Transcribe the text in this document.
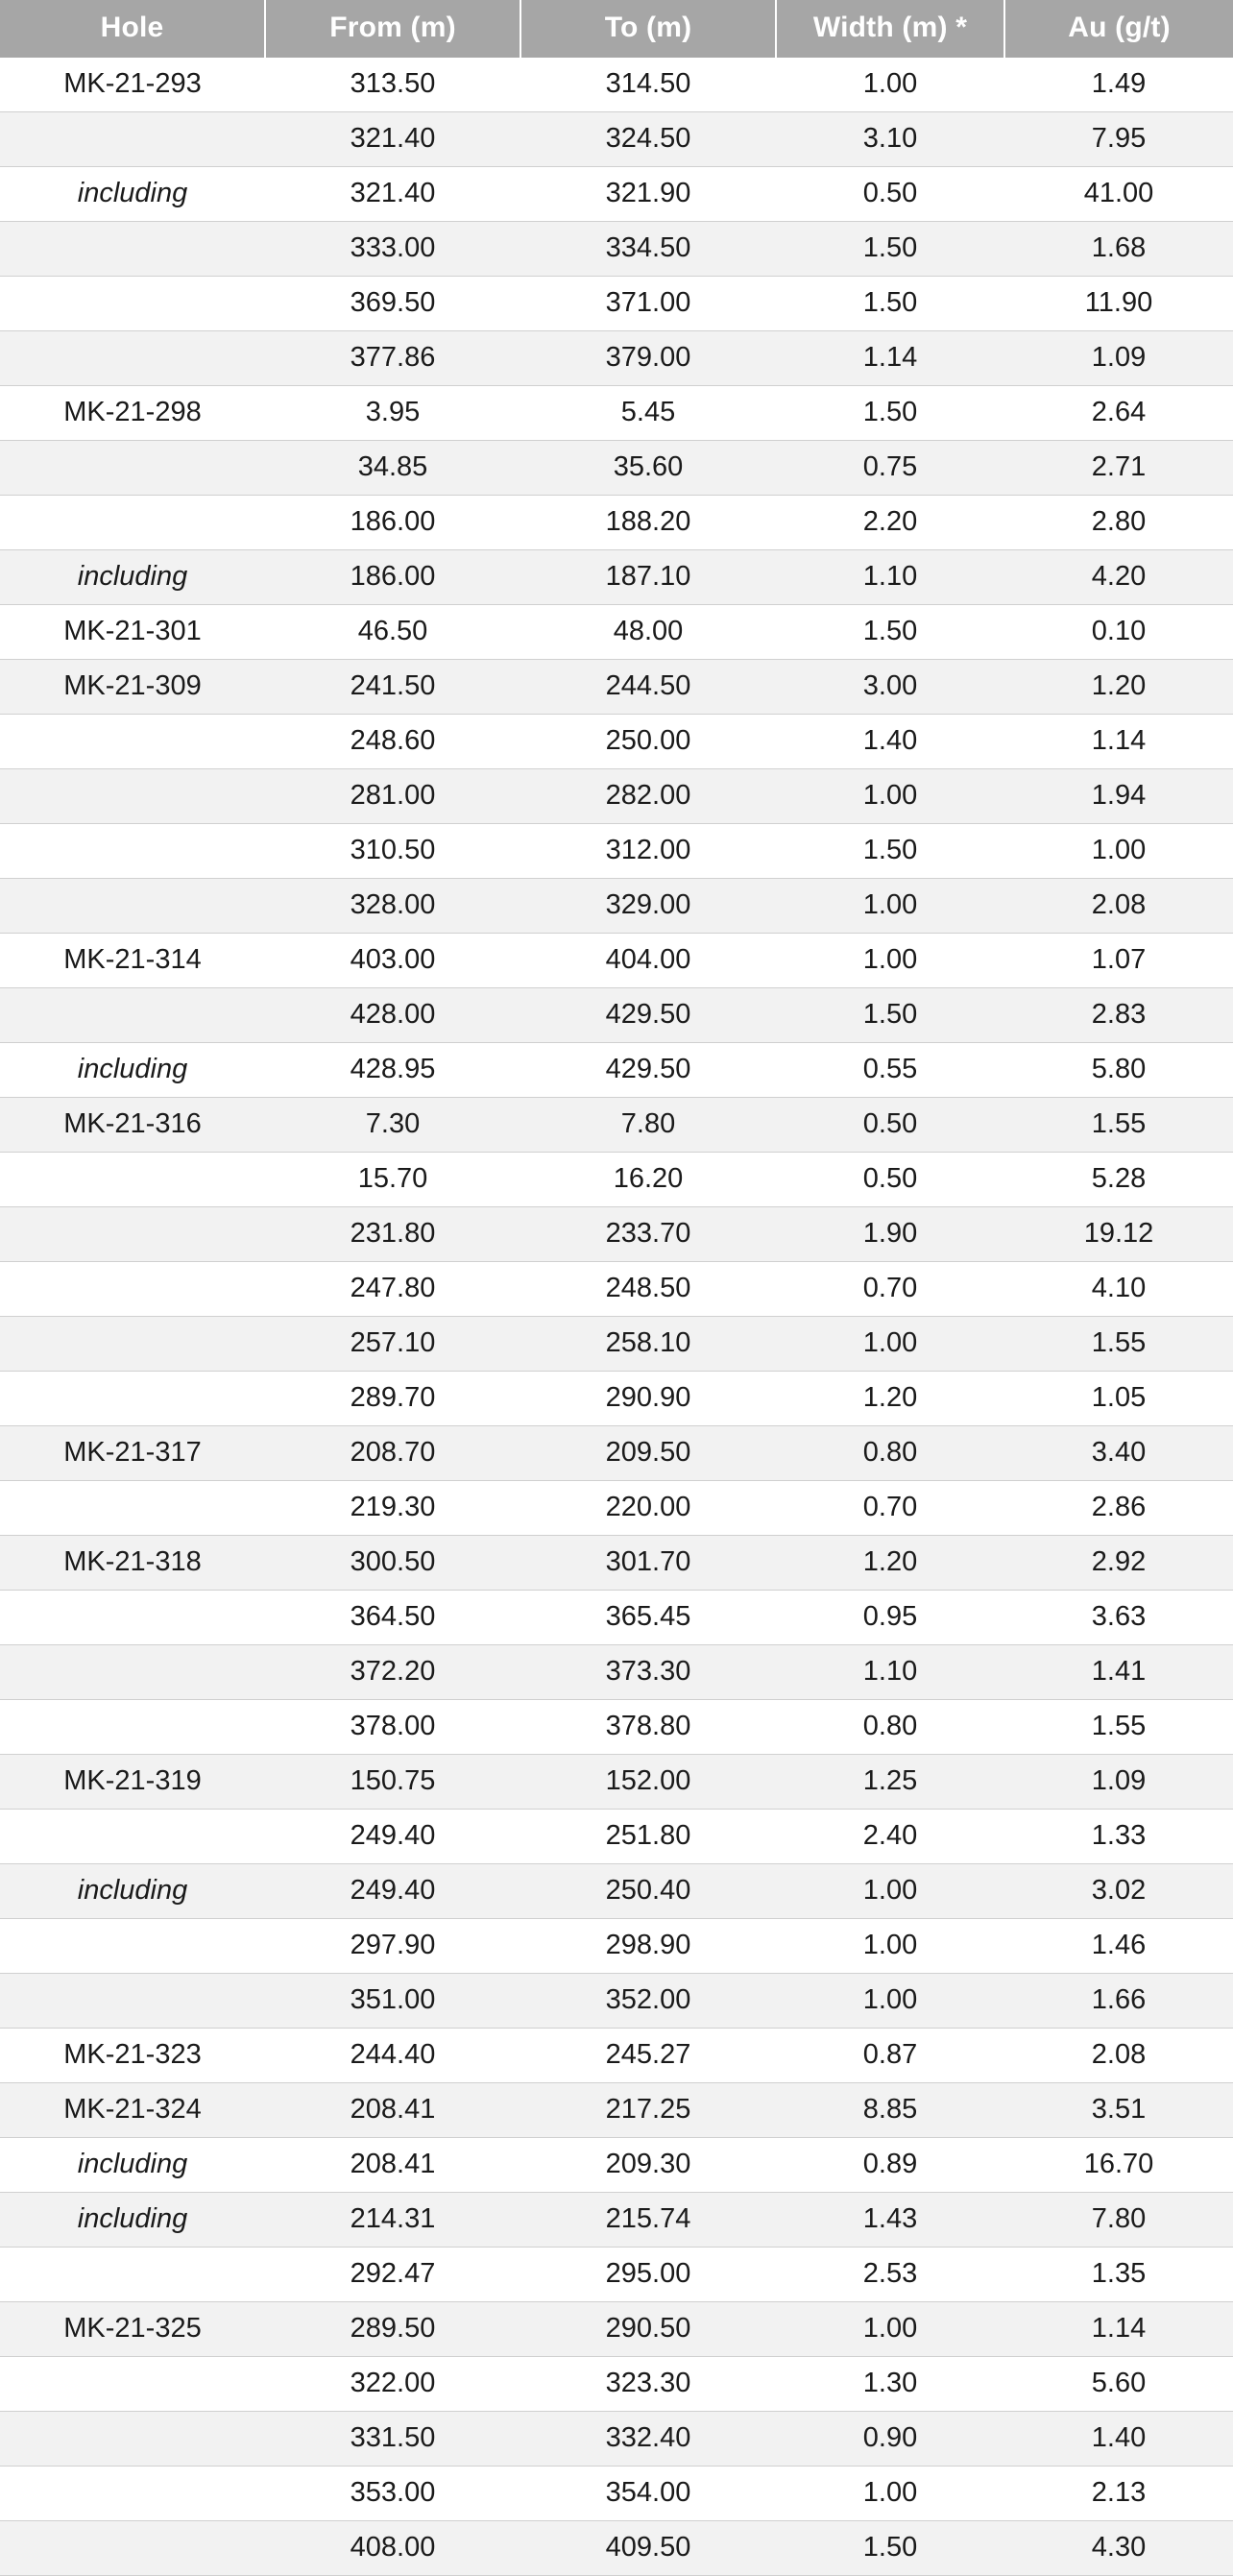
Hole	From (m)	To (m)	Width (m) *	Au (g/t)
MK-21-293	313.50	314.50	1.00	1.49
	321.40	324.50	3.10	7.95
including	321.40	321.90	0.50	41.00
	333.00	334.50	1.50	1.68
	369.50	371.00	1.50	11.90
	377.86	379.00	1.14	1.09
MK-21-298	3.95	5.45	1.50	2.64
	34.85	35.60	0.75	2.71
	186.00	188.20	2.20	2.80
including	186.00	187.10	1.10	4.20
MK-21-301	46.50	48.00	1.50	0.10
MK-21-309	241.50	244.50	3.00	1.20
	248.60	250.00	1.40	1.14
	281.00	282.00	1.00	1.94
	310.50	312.00	1.50	1.00
	328.00	329.00	1.00	2.08
MK-21-314	403.00	404.00	1.00	1.07
	428.00	429.50	1.50	2.83
including	428.95	429.50	0.55	5.80
MK-21-316	7.30	7.80	0.50	1.55
	15.70	16.20	0.50	5.28
	231.80	233.70	1.90	19.12
	247.80	248.50	0.70	4.10
	257.10	258.10	1.00	1.55
	289.70	290.90	1.20	1.05
MK-21-317	208.70	209.50	0.80	3.40
	219.30	220.00	0.70	2.86
MK-21-318	300.50	301.70	1.20	2.92
	364.50	365.45	0.95	3.63
	372.20	373.30	1.10	1.41
	378.00	378.80	0.80	1.55
MK-21-319	150.75	152.00	1.25	1.09
	249.40	251.80	2.40	1.33
including	249.40	250.40	1.00	3.02
	297.90	298.90	1.00	1.46
	351.00	352.00	1.00	1.66
MK-21-323	244.40	245.27	0.87	2.08
MK-21-324	208.41	217.25	8.85	3.51
including	208.41	209.30	0.89	16.70
including	214.31	215.74	1.43	7.80
	292.47	295.00	2.53	1.35
MK-21-325	289.50	290.50	1.00	1.14
	322.00	323.30	1.30	5.60
	331.50	332.40	0.90	1.40
	353.00	354.00	1.00	2.13
	408.00	409.50	1.50	4.30
